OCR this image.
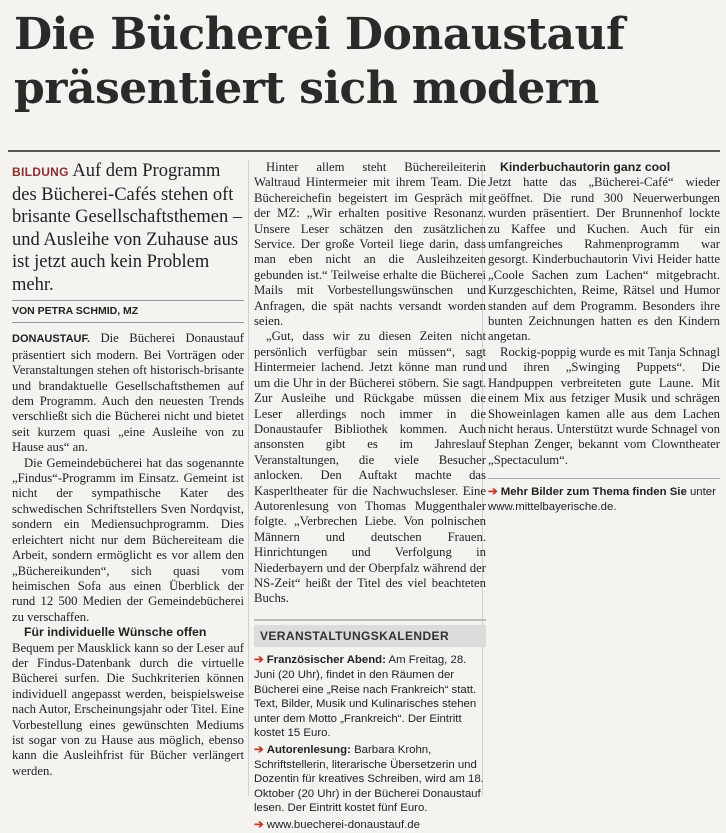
Die Bücherei Donaustauf
präsentiert sich modern

BILDUNG Auf dem Programm des Bücherei-Cafés stehen oft brisante Gesellschaftsthemen – und Ausleihe von Zuhause aus ist jetzt auch kein Problem mehr.

VON PETRA SCHMID, MZ

DONAUSTAUF. Die Bücherei Donaustauf präsentiert sich modern. Bei Vorträgen oder Veranstaltungen stehen oft historisch-brisante und brandaktuelle Gesellschaftsthemen auf dem Programm. Auch den neuesten Trends verschließt sich die Bücherei nicht und bietet seit kurzem quasi „eine Ausleihe von zu Hause aus“ an.

Die Gemeindebücherei hat das sogenannte „Findus“-Programm im Einsatz. Gemeint ist nicht der sympathische Kater des schwedischen Schriftstellers Sven Nordqvist, sondern ein Mediensuchprogramm. Dies erleichtert nicht nur dem Büchereiteam die Arbeit, sondern ermöglicht es vor allem den „Büchereikunden“, sich quasi vom heimischen Sofa aus einen Überblick der rund 12 500 Medien der Gemeindebücherei zu verschaffen.

Für individuelle Wünsche offen

Bequem per Mausklick kann so der Leser auf der Findus-Datenbank durch die virtuelle Bücherei surfen. Die Suchkriterien können individuell angepasst werden, beispielsweise nach Autor, Erscheinungsjahr oder Titel. Eine Vorbestellung eines gewünschten Mediums ist sogar von zu Hause aus möglich, ebenso kann die Ausleihfrist für Bücher verlängert werden.

Hinter allem steht Büchereileiterin Waltraud Hintermeier mit ihrem Team. Die Büchereichefin begeistert im Gespräch mit der MZ: „Wir erhalten positive Resonanz. Unsere Leser schätzen den zusätzlichen Service. Der große Vorteil liege darin, dass man eben nicht an die Ausleihzeiten gebunden ist.“ Teilweise erhalte die Bücherei Mails mit Vorbestellungswünschen und Anfragen, die spät nachts versandt worden seien.

„Gut, dass wir zu diesen Zeiten nicht persönlich verfügbar sein müssen“, sagt Hintermeier lachend. Jetzt könne man rund um die Uhr in der Bücherei stöbern. Sie sagt. Zur Ausleihe und Rückgabe müssen die Leser allerdings noch immer in die Donaustaufer Bibliothek kommen. Auch ansonsten gibt es im Jahreslauf Veranstaltungen, die viele Besucher anlocken. Den Auftakt machte das Kasperltheater für die Nachwuchsleser. Eine Autorenlesung von Thomas Muggenthaler folgte. „Verbrechen Liebe. Von polnischen Männern und deutschen Frauen. Hinrichtungen und Verfolgung in Niederbayern und der Oberpfalz während der NS-Zeit“ heißt der Titel des viel beachteten Buchs.

VERANSTALTUNGSKALENDER

➔ Französischer Abend: Am Freitag, 28. Juni (20 Uhr), findet in den Räumen der Bücherei eine „Reise nach Frankreich“ statt. Text, Bilder, Musik und Kulinarisches stehen unter dem Motto „Frankreich“. Der Eintritt kostet 15 Euro.

➔ Autorenlesung: Barbara Krohn, Schriftstellerin, literarische Übersetzerin und Dozentin für kreatives Schreiben, wird am 18. Oktober (20 Uhr) in der Bücherei Donaustauf lesen. Der Eintritt kostet fünf Euro.

➔ www.buecherei-donaustauf.de

Kinderbuchautorin ganz cool

Jetzt hatte das „Bücherei-Café“ wieder geöffnet. Die rund 300 Neuerwerbungen wurden präsentiert. Der Brunnenhof lockte zu Kaffee und Kuchen. Auch für ein umfangreiches Rahmenprogramm war gesorgt. Kinderbuchautorin Vivi Heider hatte „Coole Sachen zum Lachen“ mitgebracht. Kurzgeschichten, Reime, Rätsel und Humor standen auf dem Programm. Besonders ihre bunten Zeichnungen hatten es den Kindern angetan.

Rockig-poppig wurde es mit Tanja Schnagl und ihren „Swinging Puppets“. Die Handpuppen verbreiteten gute Laune. Mit einem Mix aus fetziger Musik und schrägen Showeinlagen kamen alle aus dem Lachen nicht heraus. Unterstützt wurde Schnagel von Stephan Zenger, bekannt vom Clowntheater „Spectaculum“.

➔ Mehr Bilder zum Thema finden Sie unter www.mittelbayerische.de.
